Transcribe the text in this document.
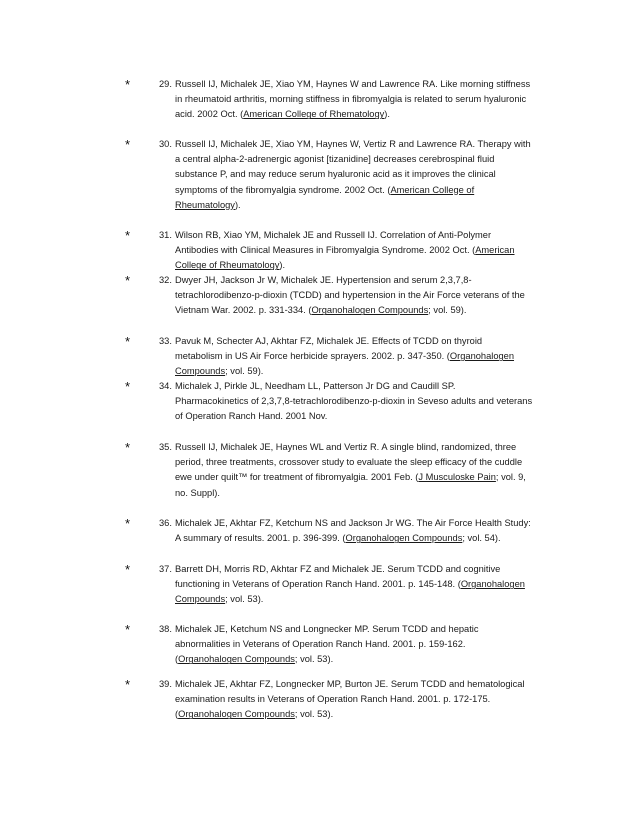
*	29. Russell IJ, Michalek JE, Xiao YM, Haynes W and Lawrence RA. Like morning stiffness
in rheumatoid arthritis, morning stiffness in fibromyalgia is related to serum hyaluronic
acid. 2002 Oct. (American College of Rhematology).
*	30. Russell IJ, Michalek JE, Xiao YM, Haynes W, Vertiz R and Lawrence RA. Therapy with
a central alpha-2-adrenergic agonist [tizanidine] decreases cerebrospinal fluid
substance P, and may reduce serum hyaluronic acid as it improves the clinical
symptoms of the fibromyalgia syndrome. 2002 Oct. (American College of
Rheumatology).
*	31. Wilson RB, Xiao YM, Michalek JE and Russell IJ. Correlation of Anti-Polymer
Antibodies with Clinical Measures in Fibromyalgia Syndrome. 2002 Oct. (American
College of Rheumatology).
*	32. Dwyer JH, Jackson Jr W, Michalek JE. Hypertension and serum 2,3,7,8-
tetrachlorodibenzo-p-dioxin (TCDD) and hypertension in the Air Force veterans of the
Vietnam War. 2002. p. 331-334. (Organohalogen Compounds; vol. 59).
*	33. Pavuk M, Schecter AJ, Akhtar FZ, Michalek JE. Effects of TCDD on thyroid
metabolism in US Air Force herbicide sprayers. 2002. p. 347-350. (Organohalogen
Compounds; vol. 59).
*	34. Michalek J, Pirkle JL, Needham LL, Patterson Jr DG and Caudill SP.
Pharmacokinetics of 2,3,7,8-tetrachlorodibenzo-p-dioxin in Seveso adults and veterans
of Operation Ranch Hand. 2001 Nov.
*	35. Russell IJ, Michalek JE, Haynes WL and Vertiz R. A single blind, randomized, three
period, three treatments, crossover study to evaluate the sleep efficacy of the cuddle
ewe under quilt™ for treatment of fibromyalgia. 2001 Feb. (J Musculoske Pain; vol. 9,
no. Suppl).
*	36. Michalek JE, Akhtar FZ, Ketchum NS and Jackson Jr WG. The Air Force Health Study:
A summary of results. 2001. p. 396-399. (Organohalogen Compounds; vol. 54).
*	37. Barrett DH, Morris RD, Akhtar FZ and Michalek JE. Serum TCDD and cognitive
functioning in Veterans of Operation Ranch Hand. 2001. p. 145-148. (Organohalogen
Compounds; vol. 53).
*	38. Michalek JE, Ketchum NS and Longnecker MP. Serum TCDD and hepatic
abnormalities in Veterans of Operation Ranch Hand. 2001. p. 159-162.
(Organohalogen Compounds; vol. 53).
*	39. Michalek JE, Akhtar FZ, Longnecker MP, Burton JE. Serum TCDD and hematological
examination results in Veterans of Operation Ranch Hand. 2001. p. 172-175.
(Organohalogen Compounds; vol. 53).
